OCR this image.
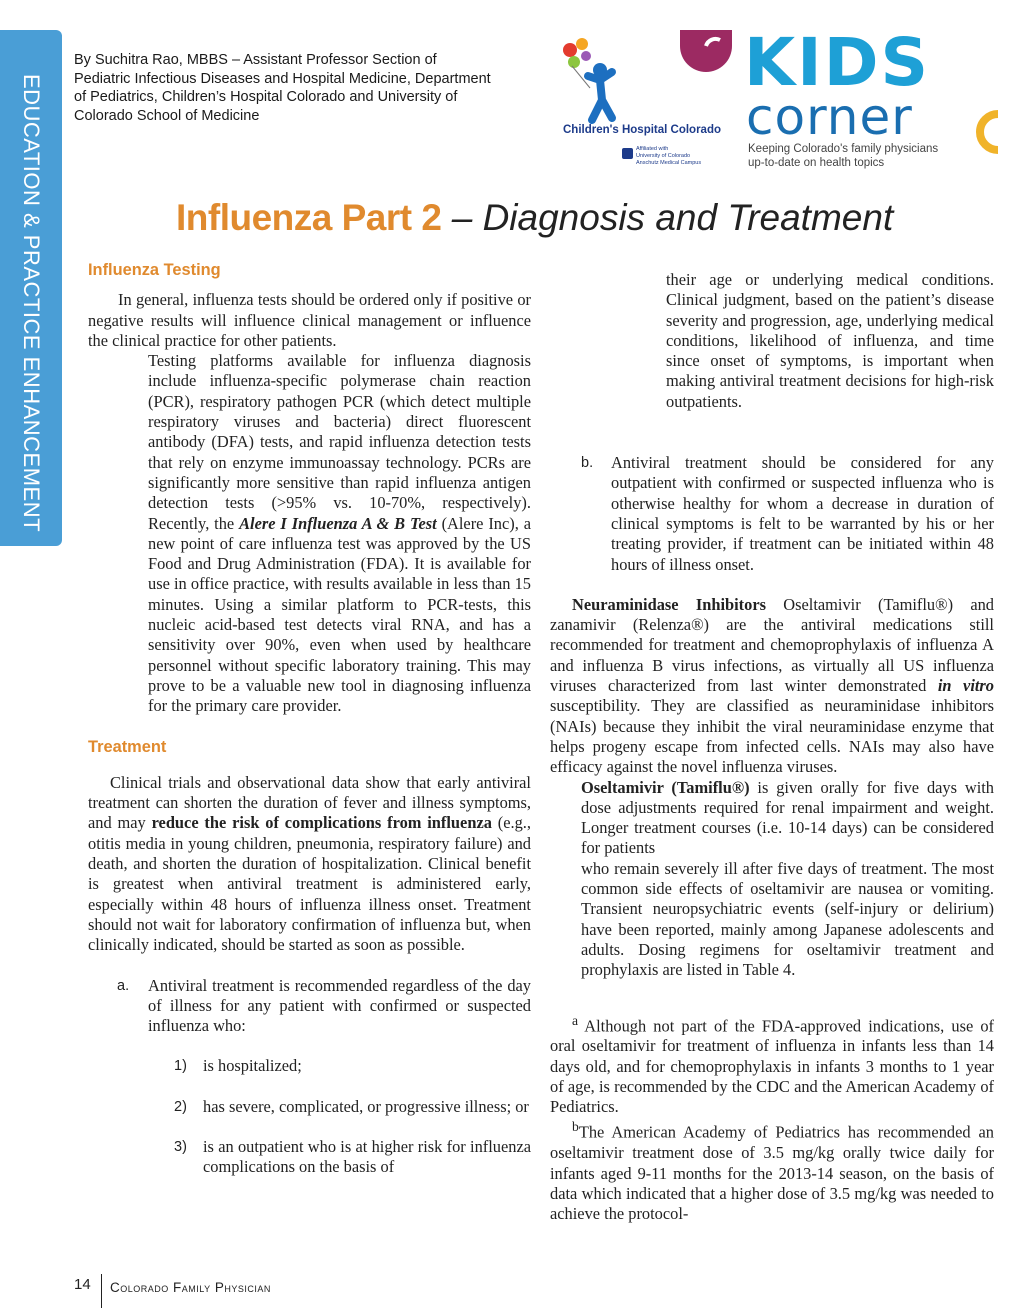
EDUCATION & PRACTICE ENHANCEMENT

By Suchitra Rao, MBBS – Assistant Professor Section of Pediatric Infectious Diseases and Hospital Medicine, Department of Pediatrics, Children’s Hospital Colorado and University of Colorado School of Medicine

Children's Hospital Colorado
Affiliated with
University of Colorado
Anschutz Medical Campus
KIDS
corner
Keeping Colorado's family physicians
up-to-date on health topics
Influenza Part 2 – Diagnosis and Treatment
Influenza Testing

In general, influenza tests should be ordered only if positive or negative results will influence clinical management or influence the clinical practice for other patients.

Testing platforms available for influenza diagnosis include influenza-specific polymerase chain reaction (PCR), respiratory pathogen PCR (which detect multiple respiratory viruses and bacteria) direct fluorescent antibody (DFA) tests, and rapid influenza detection tests that rely on enzyme immunoassay technology. PCRs are significantly more sensitive than rapid influenza antigen detection tests (>95% vs. 10-70%, respectively). Recently, the Alere I Influenza A & B Test (Alere Inc), a new point of care influenza test was approved by the US Food and Drug Administration (FDA). It is available for use in office practice, with results available in less than 15 minutes. Using a similar platform to PCR-tests, this nucleic acid-based test detects viral RNA, and has a sensitivity over 90%, even when used by healthcare personnel without specific laboratory training. This may prove to be a valuable new tool in diagnosing influenza for the primary care provider.

Treatment

Clinical trials and observational data show that early antiviral treatment can shorten the duration of fever and illness symptoms, and may reduce the risk of complications from influenza (e.g., otitis media in young children, pneumonia, respiratory failure) and death, and shorten the duration of hospitalization. Clinical benefit is greatest when antiviral treatment is administered early, especially within 48 hours of influenza illness onset. Treatment should not wait for laboratory confirmation of influenza but, when clinically indicated, should be started as soon as possible.

a.	Antiviral treatment is recommended regardless of the day of illness for any patient with confirmed or suspected influenza who:
1) is hospitalized;
2) has severe, complicated, or progressive illness; or
3) is an outpatient who is at higher risk for influenza complications on the basis of

their age or underlying medical conditions. Clinical judgment, based on the patient’s disease severity and progression, age, underlying medical conditions, likelihood of influenza, and time since onset of symptoms, is important when making antiviral treatment decisions for high-risk outpatients.

b.	Antiviral treatment should be considered for any outpatient with confirmed or suspected influenza who is otherwise healthy for whom a decrease in duration of clinical symptoms is felt to be warranted by his or her treating provider, if treatment can be initiated within 48 hours of illness onset.

Neuraminidase Inhibitors Oseltamivir (Tamiflu®) and zanamivir (Relenza®) are the antiviral medications still recommended for treatment and chemoprophylaxis of influenza A and influenza B virus infections, as virtually all US influenza viruses characterized from last winter demonstrated in vitro susceptibility. They are classified as neuraminidase inhibitors (NAIs) because they inhibit the viral neuraminidase enzyme that helps progeny escape from infected cells. NAIs may also have efficacy against the novel influenza viruses.

Oseltamivir (Tamiflu®) is given orally for five days with dose adjustments required for renal impairment and weight. Longer treatment courses (i.e. 10-14 days) can be considered for patients

who remain severely ill after five days of treatment. The most common side effects of oseltamivir are nausea or vomiting. Transient neuropsychiatric events (self-injury or delirium) have been reported, mainly among Japanese adolescents and adults. Dosing regimens for oseltamivir treatment and prophylaxis are listed in Table 4.

$^a$ Although not part of the FDA-approved indications, use of oral oseltamivir for treatment of influenza in infants less than 14 days old, and for chemoprophylaxis in infants 3 months to 1 year of age, is recommended by the CDC and the American Academy of Pediatrics.

$^b$The American Academy of Pediatrics has recommended an oseltamivir treatment dose of 3.5 mg/kg orally twice daily for infants aged 9-11 months for the 2013-14 season, on the basis of data which indicated that a higher dose of 3.5 mg/kg was needed to achieve the protocol-

14 Colorado Family Physician
